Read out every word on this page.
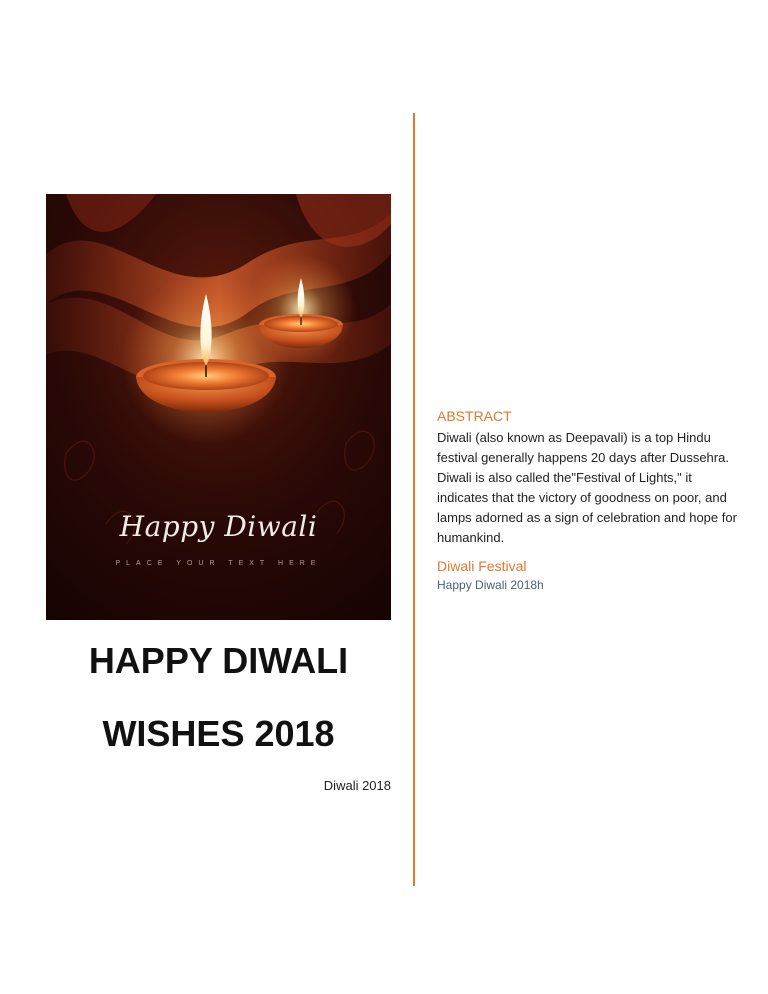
Happy Diwali
PLACE YOUR TEXT HERE
HAPPY DIWALI
WISHES 2018
Diwali 2018
ABSTRACT
Diwali (also known as Deepavali) is a top Hindu festival generally happens 20 days after Dussehra. Diwali is also called the"Festival of Lights," it indicates that the victory of goodness on poor, and lamps adorned as a sign of celebration and hope for humankind.
Diwali Festival
Happy Diwali 2018h
